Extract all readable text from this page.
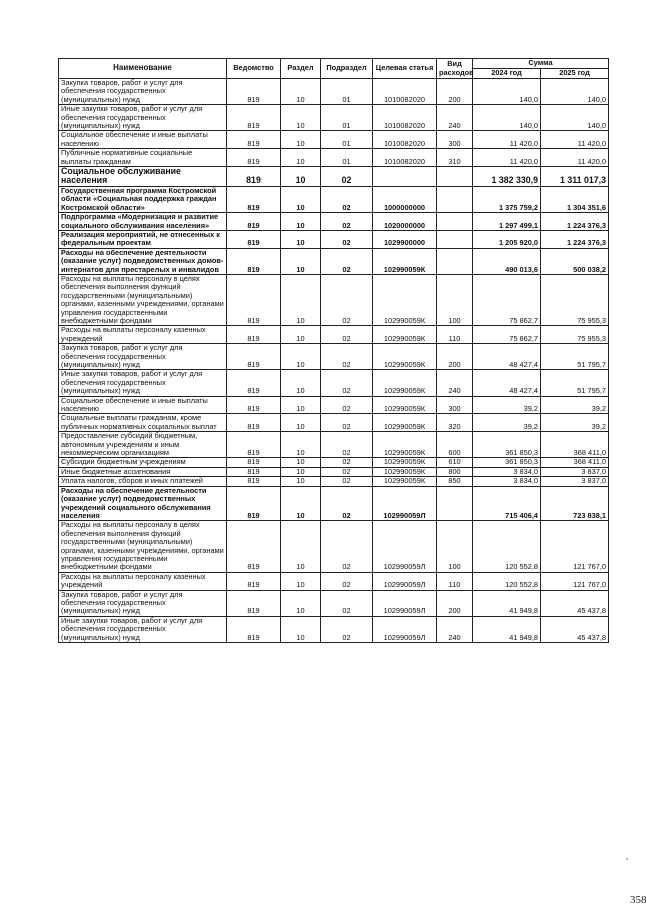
Наименование	Ведомство	Раздел	Подраздел	Целевая статья	Вид расходов	Сумма	
						2024 год	2025 год
Закупка товаров, работ и услуг для обеспечения государственных (муниципальных) нужд	819	10	01	1010082020	200	140,0	140,0
Иные закупки товаров, работ и услуг для обеспечения государственных (муниципальных) нужд	819	10	01	1010082020	240	140,0	140,0
Социальное обеспечение и иные выплаты населению	819	10	01	1010082020	300	11 420,0	11 420,0
Публичные нормативные социальные выплаты гражданам	819	10	01	1010082020	310	11 420,0	11 420,0
Социальное обслуживание населения	819	10	02			1 382 330,9	1 311 017,3
Государственная программа Костромской области «Социальная поддержка граждан Костромской области»	819	10	02	1000000000		1 375 759,2	1 304 351,6
Подпрограмма «Модернизация и развитие социального обслуживания населения»	819	10	02	1020000000		1 297 499,1	1 224 376,3
Реализация мероприятий, не отнесенных к федеральным проектам	819	10	02	1029900000		1 205 920,0	1 224 376,3
Расходы на обеспечение деятельности (оказание услуг) подведомственных домов-интернатов для престарелых и инвалидов	819	10	02	102990059К		490 013,6	500 038,2
Расходы на выплаты персоналу в целях обеспечения выполнения функций государственными (муниципальными) органами, казенными учреждениями, органами управления государственными внебюджетными фондами	819	10	02	102990059К	100	75 862,7	75 955,3
Расходы на выплаты персоналу казенных учреждений	819	10	02	102990059К	110	75 862,7	75 955,3
Закупка товаров, работ и услуг для обеспечения государственных (муниципальных) нужд	819	10	02	102990059К	200	48 427,4	51 795,7
Иные закупки товаров, работ и услуг для обеспечения государственных (муниципальных) нужд	819	10	02	102990059К	240	48 427,4	51 795,7
Социальное обеспечение и иные выплаты населению	819	10	02	102990059К	300	39,2	39,2
Социальные выплаты гражданам, кроме публичных нормативных социальных выплат	819	10	02	102990059К	320	39,2	39,2
Предоставление субсидий бюджетным, автономным учреждениям и иным некоммерческим организациям	819	10	02	102990059К	600	361 850,3	368 411,0
Субсидии бюджетным учреждениям	819	10	02	102990059К	610	361 850,3	368 411,0
Иные бюджетные ассигнования	819	10	02	102990059К	800	3 834,0	3 837,0
Уплата налогов, сборов и иных платежей	819	10	02	102990059К	850	3 834,0	3 837,0
Расходы на обеспечение деятельности (оказание услуг) подведомственных учреждений социального обслуживания населения	819	10	02	102990059Л		715 406,4	723 838,1
Расходы на выплаты персоналу в целях обеспечения выполнения функций государственными (муниципальными) органами, казенными учреждениями, органами управления государственными внебюджетными фондами	819	10	02	102990059Л	100	120 552,8	121 767,0
Расходы на выплаты персоналу казенных учреждений	819	10	02	102990059Л	110	120 552,8	121 767,0
Закупка товаров, работ и услуг для обеспечения государственных (муниципальных) нужд	819	10	02	102990059Л	200	41 949,8	45 437,8
Иные закупки товаров, работ и услуг для обеспечения государственных (муниципальных) нужд	819	10	02	102990059Л	240	41 949,8	45 437,8
358
